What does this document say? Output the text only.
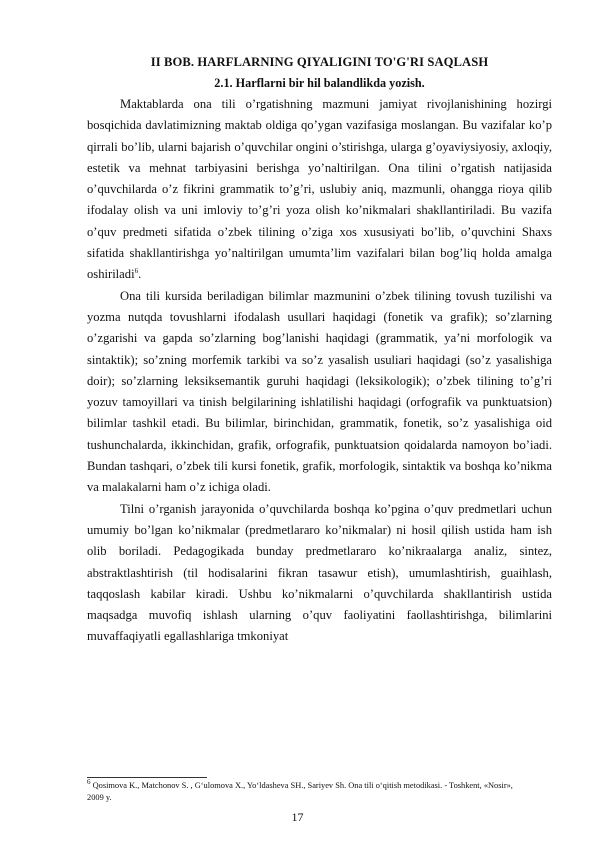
II BOB. HARFLARNING QIYALIGINI TO'G'RI SAQLASH
2.1. Harflarni bir hil balandlikda yozish.

Maktablarda ona tili o’rgatishning mazmuni jamiyat rivojlanishining hozirgi bosqichida davlatimizning maktab oldiga qo’ygan vazifasiga moslangan. Bu vazifalar ko’p qirrali bo’lib, ularni bajarish o’quvchilar ongini o’stirishga, ularga g’oyaviysiyosiy, axloqiy, estetik va mehnat tarbiyasini berishga yo’naltirilgan. Ona tilini o’rgatish natijasida o’quvchilarda o’z fikrini grammatik to’g’ri, uslubiy aniq, mazmunli, ohangga rioya qilib ifodalay olish va uni imloviy to’g’ri yoza olish ko’nikmalari shakllantiriladi. Bu vazifa o’quv predmeti sifatida o’zbek tilining o’ziga xos xususiyati bo’lib, o’quvchini Shaxs sifatida shakllantirishga yo’naltirilgan umumta’lim vazifalari bilan bog’liq holda amalga oshiriladi$^6$.

Ona tili kursida beriladigan bilimlar mazmunini o’zbek tilining tovush tuzilishi va yozma nutqda tovushlarni ifodalash usullari haqidagi (fonetik va grafik); so’zlarning o’zgarishi va gapda so’zlarning bog’lanishi haqidagi (grammatik, ya’ni morfologik va sintaktik); so’zning morfemik tarkibi va so’z yasalish usuliari haqidagi (so’z yasalishiga doir); so’zlarning leksiksemantik guruhi haqidagi (leksikologik); o’zbek tilining to’g’ri yozuv tamoyillari va tinish belgilarining ishlatilishi haqidagi (orfografik va punktuatsion) bilimlar tashkil etadi. Bu bilimlar, birinchidan, grammatik, fonetik, so’z yasalishiga oid tushunchalarda, ikkinchidan, grafik, orfografik, punktuatsion qoidalarda namoyon bo’iadi. Bundan tashqari, o’zbek tili kursi fonetik, grafik, morfologik, sintaktik va boshqa ko’nikma va malakalarni ham o’z ichiga oladi.

Tilni o’rganish jarayonida o’quvchilarda boshqa ko’pgina o’quv predmetlari uchun umumiy bo’lgan ko’nikmalar (predmetlararo ko’nikmalar) ni hosil qilish ustida ham ish olib boriladi. Pedagogikada bunday predmetlararo ko’nikraalarga analiz, sintez, abstraktlashtirish (til hodisalarini fikran tasawur etish), umumlashtirish, guaihlash, taqqoslash kabilar kiradi. Ushbu ko’nikmalarni o’quvchilarda shakllantirish ustida maqsadga muvofiq ishlash ularning o’quv faoliyatini faollashtirishga, bilimlarini muvaffaqiyatli egallashlariga tmkoniyat

$^6$ Qosimova K., Matchonov S. , G‘ulomova X., Yo‘ldasheva SH., Sariyev Sh. Ona tili o‘qitish metodikasi. - Toshkent, «Nosir», 2009 y.
17
